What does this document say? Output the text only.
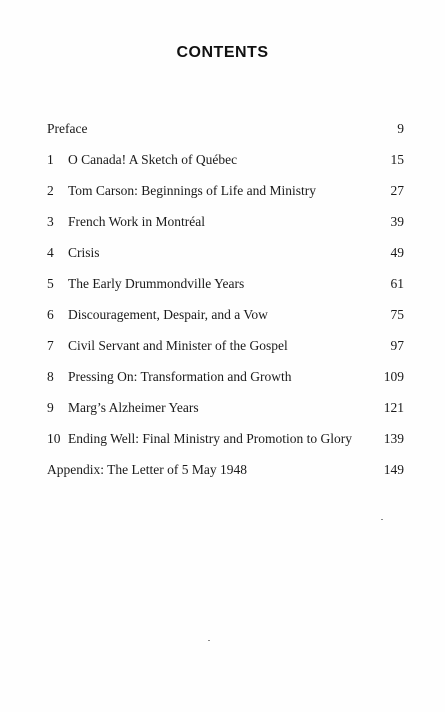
CONTENTS
Preface	9
1 O Canada! A Sketch of Québec	15
2 Tom Carson: Beginnings of Life and Ministry	27
3 French Work in Montréal	39
4 Crisis	49
5 The Early Drummondville Years	61
6 Discouragement, Despair, and a Vow	75
7 Civil Servant and Minister of the Gospel	97
8 Pressing On: Transformation and Growth	109
9 Marg’s Alzheimer Years	121
10 Ending Well: Final Ministry and Promotion to Glory 139
Appendix: The Letter of 5 May 1948	149
